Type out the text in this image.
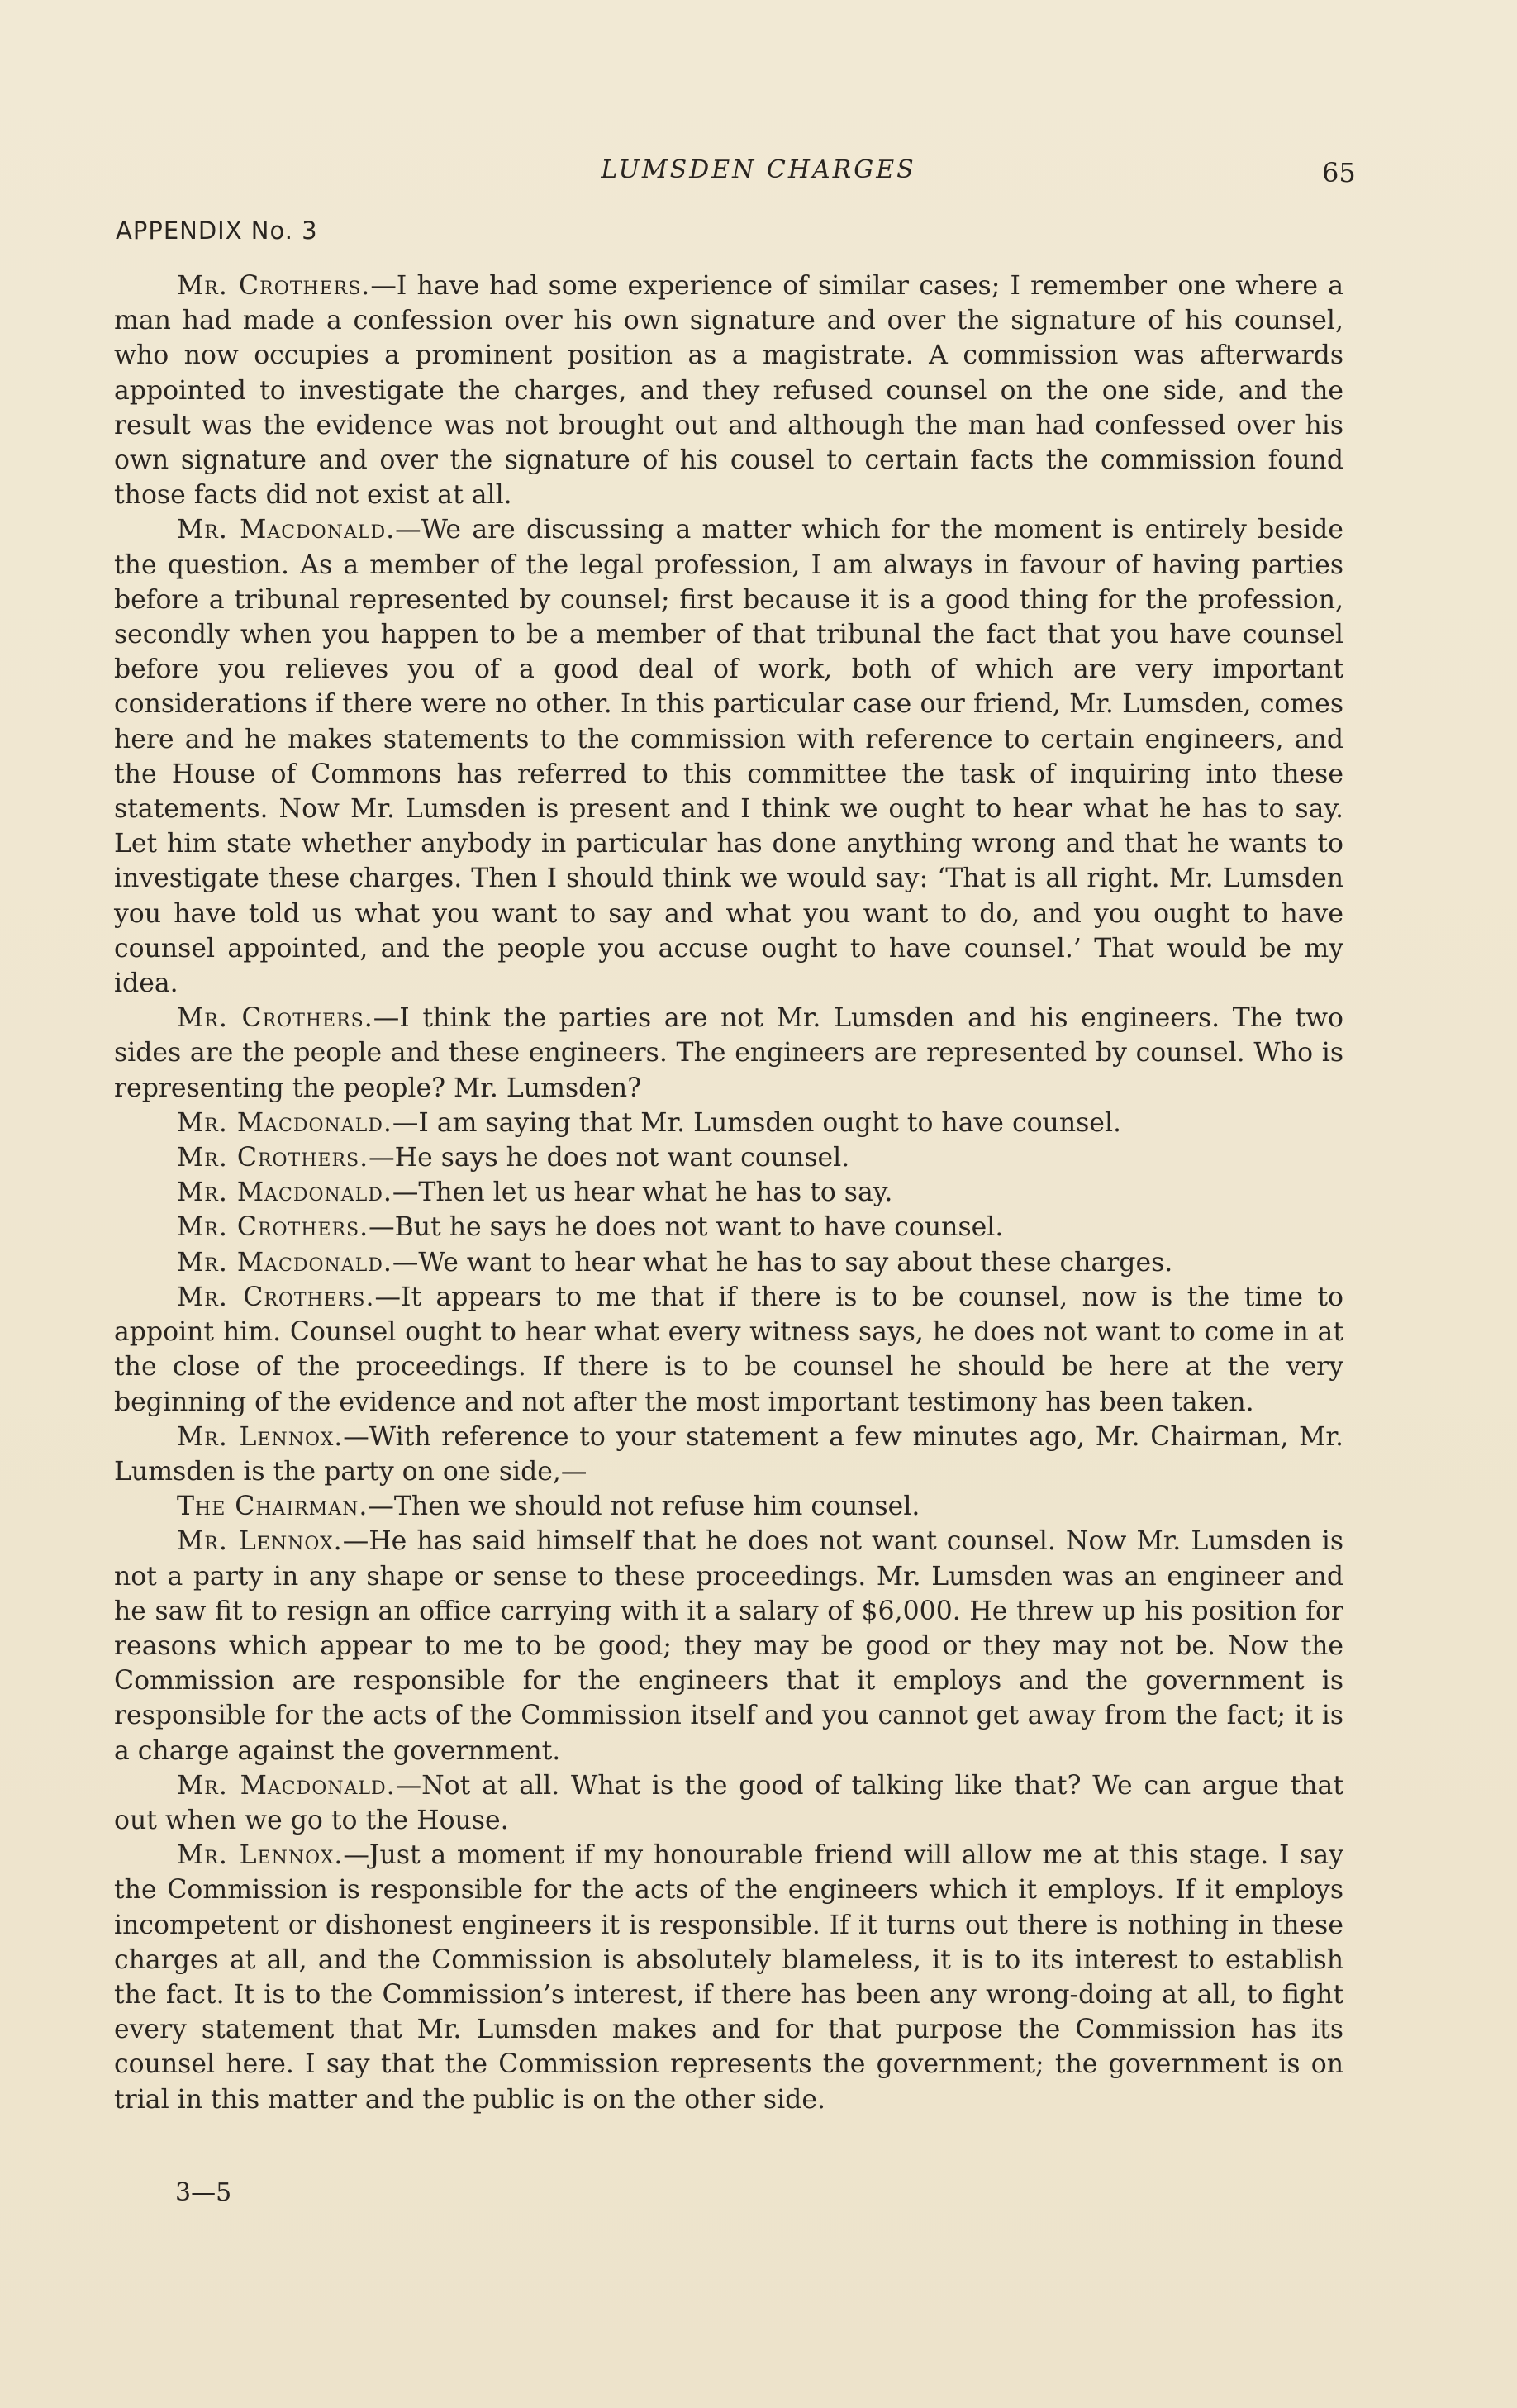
LUMSDEN CHARGES	65
APPENDIX No. 3

Mr. Crothers.—I have had some experience of similar cases; I remember one where a man had made a confession over his own signature and over the signature of his counsel, who now occupies a prominent position as a magistrate. A commission was afterwards appointed to investigate the charges, and they refused counsel on the one side, and the result was the evidence was not brought out and although the man had confessed over his own signature and over the signature of his cousel to certain facts the commission found those facts did not exist at all.

Mr. Macdonald.—We are discussing a matter which for the moment is entirely beside the question. As a member of the legal profession, I am always in favour of having parties before a tribunal represented by counsel; first because it is a good thing for the profession, secondly when you happen to be a member of that tribunal the fact that you have counsel before you relieves you of a good deal of work, both of which are very important considerations if there were no other. In this particular case our friend, Mr. Lumsden, comes here and he makes statements to the commission with reference to certain engineers, and the House of Commons has referred to this committee the task of inquiring into these statements. Now Mr. Lumsden is present and I think we ought to hear what he has to say. Let him state whether anybody in particular has done anything wrong and that he wants to investigate these charges. Then I should think we would say: ‘That is all right. Mr. Lumsden you have told us what you want to say and what you want to do, and you ought to have counsel appointed, and the people you accuse ought to have counsel.’ That would be my idea.

Mr. Crothers.—I think the parties are not Mr. Lumsden and his engineers. The two sides are the people and these engineers. The engineers are represented by counsel. Who is representing the people? Mr. Lumsden?

Mr. Macdonald.—I am saying that Mr. Lumsden ought to have counsel.

Mr. Crothers.—He says he does not want counsel.

Mr. Macdonald.—Then let us hear what he has to say.

Mr. Crothers.—But he says he does not want to have counsel.

Mr. Macdonald.—We want to hear what he has to say about these charges.

Mr. Crothers.—It appears to me that if there is to be counsel, now is the time to appoint him. Counsel ought to hear what every witness says, he does not want to come in at the close of the proceedings. If there is to be counsel he should be here at the very beginning of the evidence and not after the most important testimony has been taken.

Mr. Lennox.—With reference to your statement a few minutes ago, Mr. Chairman, Mr. Lumsden is the party on one side,—

The Chairman.—Then we should not refuse him counsel.

Mr. Lennox.—He has said himself that he does not want counsel. Now Mr. Lumsden is not a party in any shape or sense to these proceedings. Mr. Lumsden was an engineer and he saw fit to resign an office carrying with it a salary of $6,000. He threw up his position for reasons which appear to me to be good; they may be good or they may not be. Now the Commission are responsible for the engineers that it employs and the government is responsible for the acts of the Commission itself and you cannot get away from the fact; it is a charge against the government.

Mr. Macdonald.—Not at all. What is the good of talking like that? We can argue that out when we go to the House.

Mr. Lennox.—Just a moment if my honourable friend will allow me at this stage. I say the Commission is responsible for the acts of the engineers which it employs. If it employs incompetent or dishonest engineers it is responsible. If it turns out there is nothing in these charges at all, and the Commission is absolutely blameless, it is to its interest to establish the fact. It is to the Commission’s interest, if there has been any wrong-doing at all, to fight every statement that Mr. Lumsden makes and for that purpose the Commission has its counsel here. I say that the Commission represents the government; the government is on trial in this matter and the public is on the other side.

3—5
